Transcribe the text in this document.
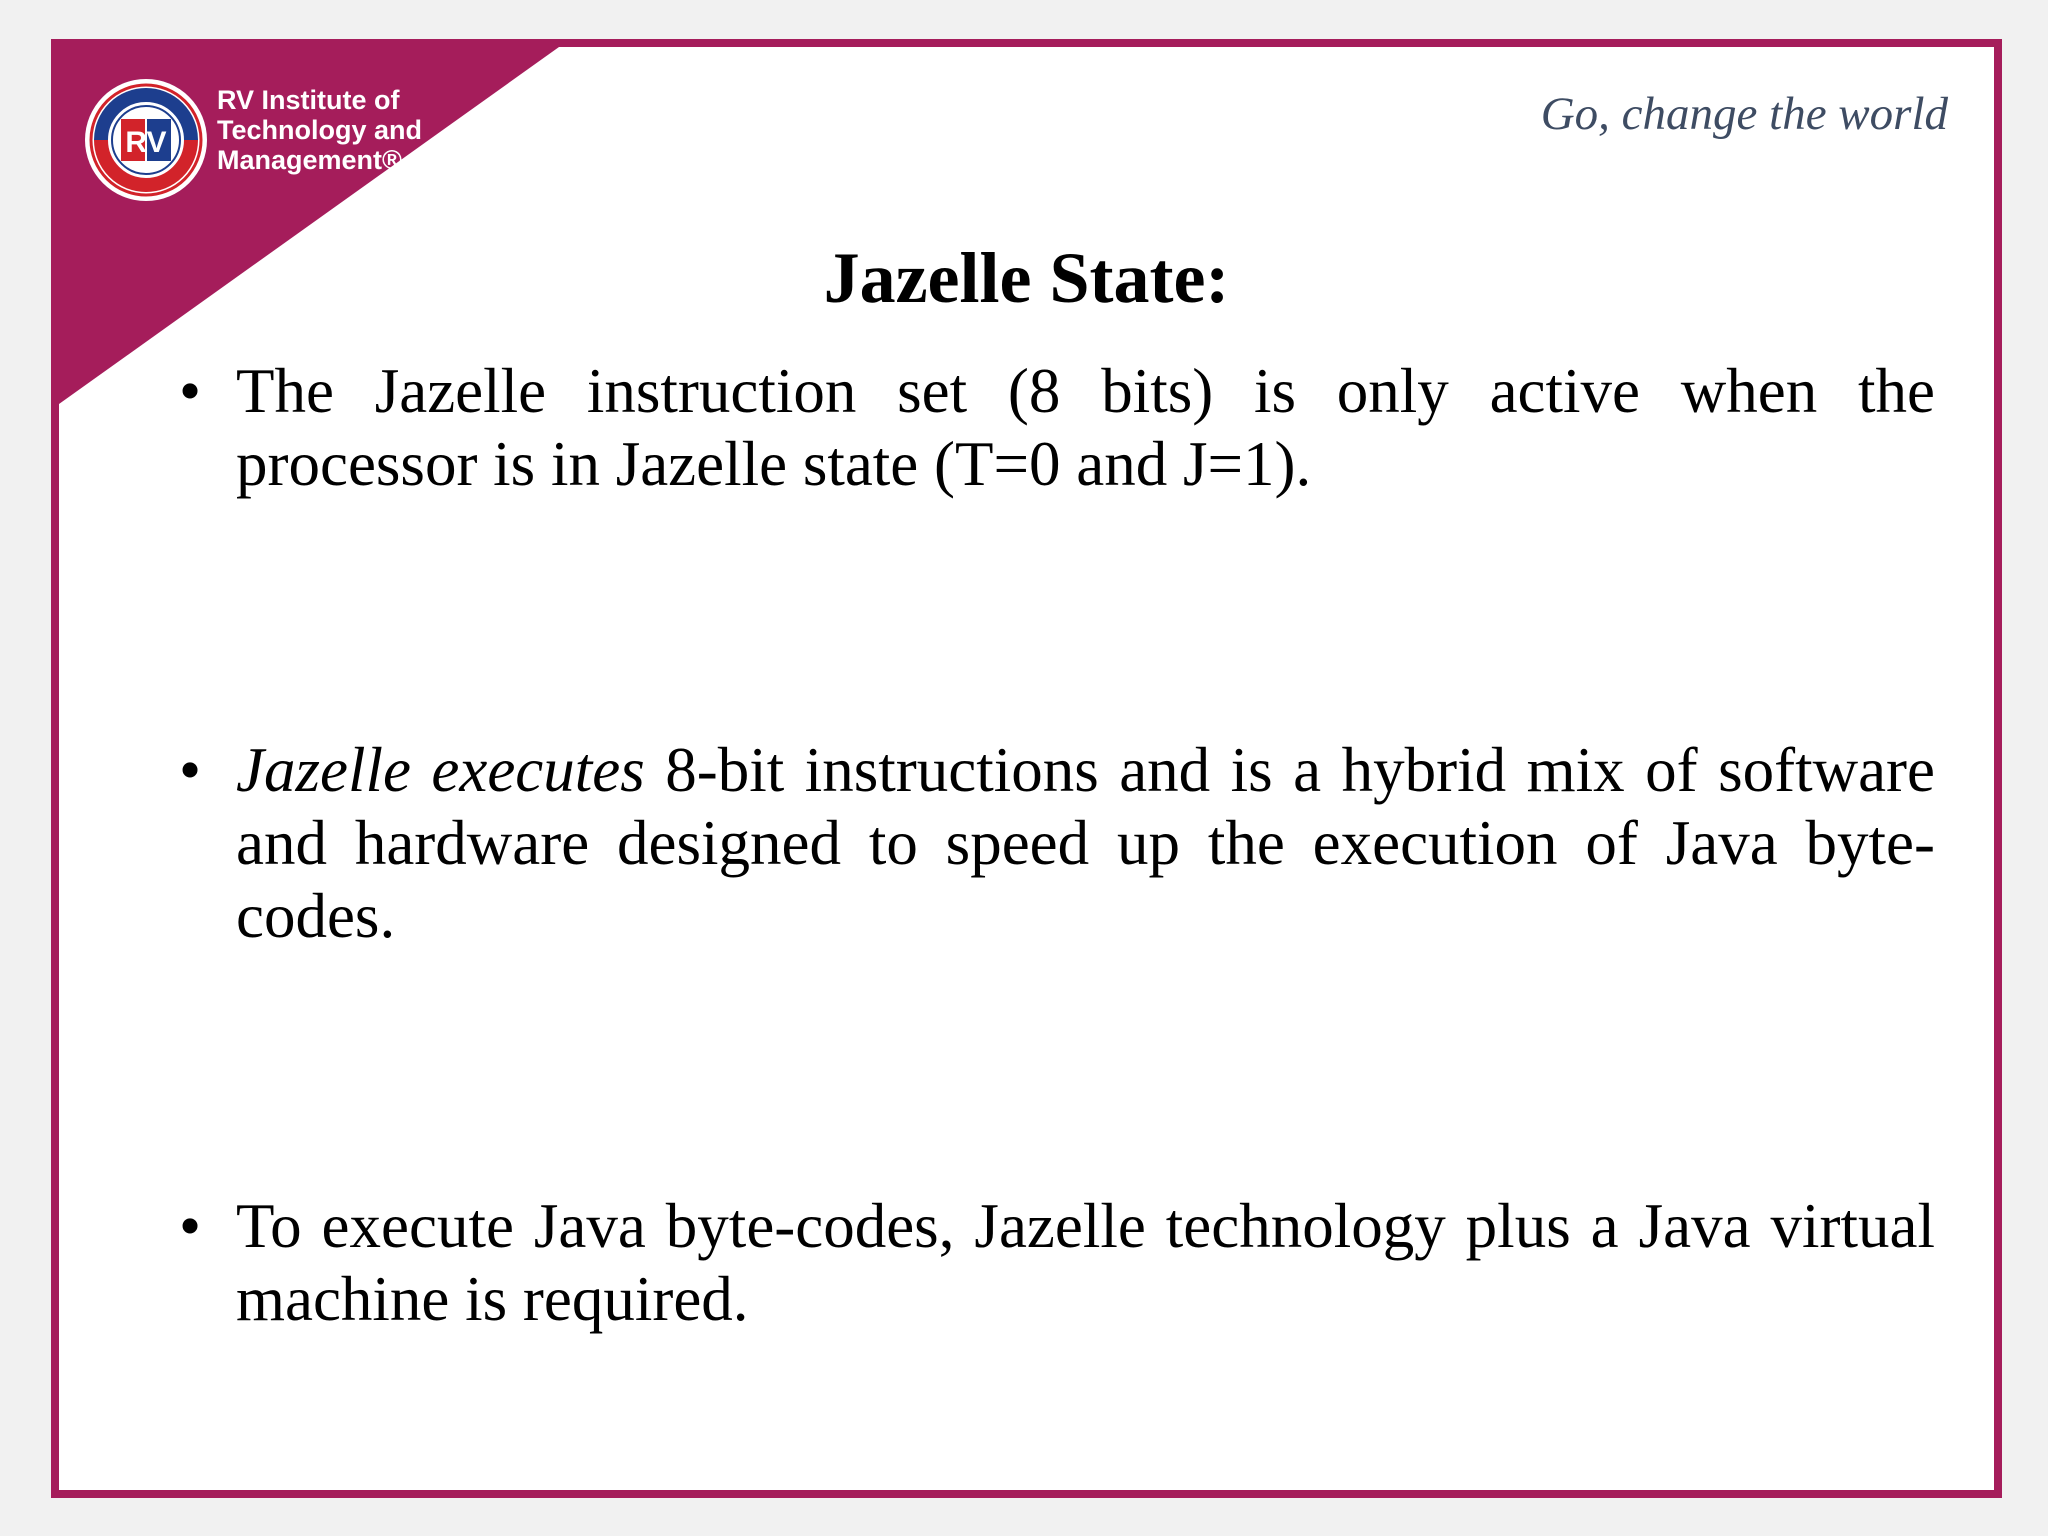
RV

RV Institute of
Technology and
Management®

Go, change the world

Jazelle State:
• The Jazelle instruction set (8 bits) is only active when the processor is in Jazelle state (T=0 and J=1).
• Jazelle executes 8-bit instructions and is a hybrid mix of software and hardware designed to speed up the execution of Java byte-codes.
• To execute Java byte-codes, Jazelle technology plus a Java virtual machine is required.
